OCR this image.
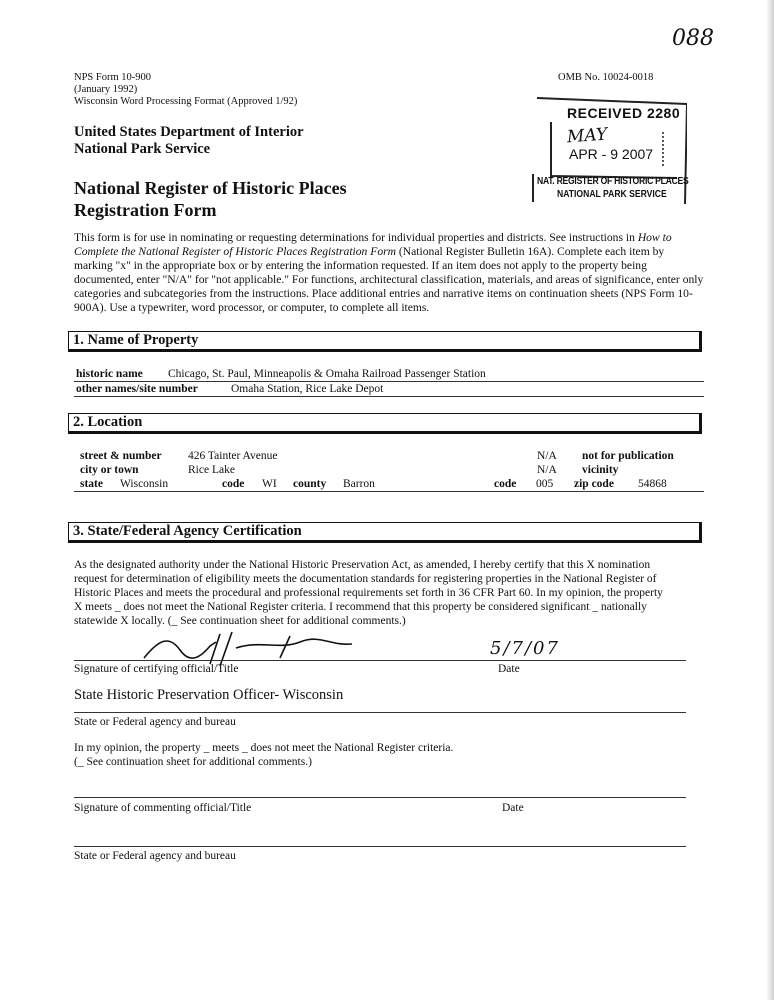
088
NPS Form 10-900
(January 1992)
Wisconsin Word Processing Format (Approved 1/92)
OMB No. 10024-0018
United States Department of Interior
National Park Service
National Register of Historic Places
Registration Form
RECEIVED 2280
MAY
APR - 9 2007
NAT. REGISTER OF HISTORIC PLACES
NATIONAL PARK SERVICE
This form is for use in nominating or requesting determinations for individual properties and districts. See instructions in How to Complete the National Register of Historic Places Registration Form (National Register Bulletin 16A). Complete each item by marking "x" in the appropriate box or by entering the information requested. If an item does not apply to the property being documented, enter "N/A" for "not applicable." For functions, architectural classification, materials, and areas of significance, enter only categories and subcategories from the instructions. Place additional entries and narrative items on continuation sheets (NPS Form 10-900A). Use a typewriter, word processor, or computer, to complete all items.
1. Name of Property
historic name Chicago, St. Paul, Minneapolis & Omaha Railroad Passenger Station
other names/site number	Omaha Station, Rice Lake Depot
2. Location
street & number 426 Tainter Avenue	N/A not for publication
city or town	Rice Lake	N/A vicinity
state Wisconsin	code WI county Barron	code 005 zip code 54868
3. State/Federal Agency Certification
As the designated authority under the National Historic Preservation Act, as amended, I hereby certify that this X nomination
request for determination of eligibility meets the documentation standards for registering properties in the National Register of
Historic Places and meets the procedural and professional requirements set forth in 36 CFR Part 60. In my opinion, the property
X meets _ does not meet the National Register criteria. I recommend that this property be considered significant _ nationally
statewide X locally. (_ See continuation sheet for additional comments.)
5/7/07
Signature of certifying official/Title	Date
State Historic Preservation Officer- Wisconsin
State or Federal agency and bureau
In my opinion, the property _ meets _ does not meet the National Register criteria.
(_ See continuation sheet for additional comments.)
Signature of commenting official/Title	Date
State or Federal agency and bureau
